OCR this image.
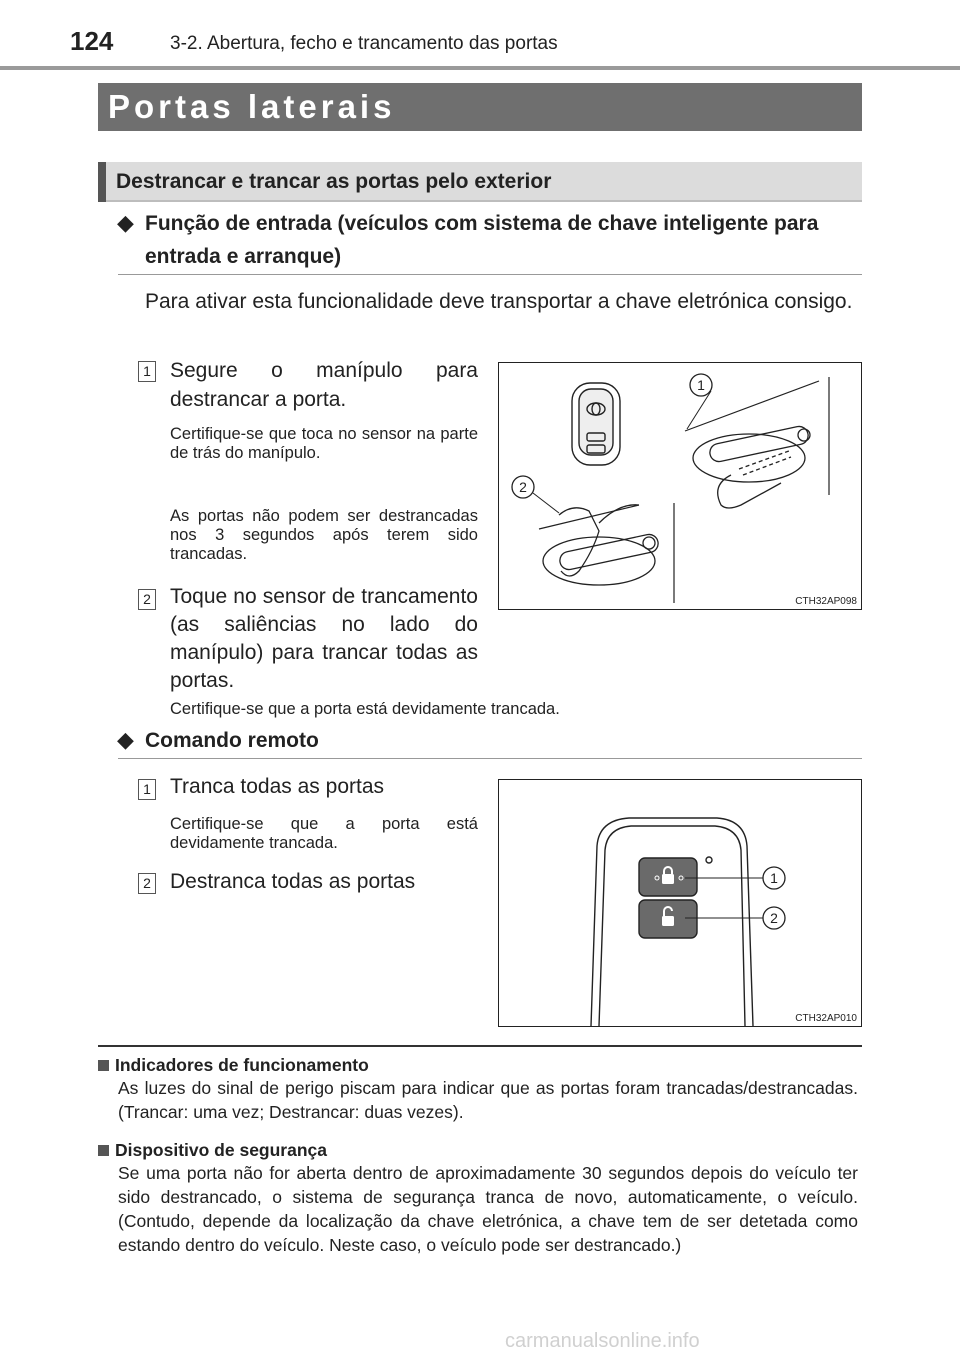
124	3-2. Abertura, fecho e trancamento das portas
Portas laterais
Destrancar e trancar as portas pelo exterior
◆ Função de entrada (veículos com sistema de chave inteligente para entrada e arranque)
Para ativar esta funcionalidade deve transportar a chave eletrónica consigo.
1 Segure o manípulo para destrancar a porta.
Certifique-se que toca no sensor na parte de trás do manípulo.
As portas não podem ser destrancadas nos 3 segundos após terem sido trancadas.
2 Toque no sensor de trancamento (as saliências no lado do manípulo) para trancar todas as portas.
Certifique-se que a porta está devidamente trancada.
1
2
CTH32AP098
◆ Comando remoto
1 Tranca todas as portas
Certifique-se que a porta está devidamente trancada.
2 Destranca todas as portas	1
2
CTH32AP010
Indicadores de funcionamento
As luzes do sinal de perigo piscam para indicar que as portas foram trancadas/destrancadas. (Trancar: uma vez; Destrancar: duas vezes).
Dispositivo de segurança
Se uma porta não for aberta dentro de aproximadamente 30 segundos depois do veículo ter sido destrancado, o sistema de segurança tranca de novo, automaticamente, o veículo. (Contudo, depende da localização da chave eletrónica, a chave tem de ser detetada como estando dentro do veículo. Neste caso, o veículo pode ser destrancado.)
carmanualsonline.info
